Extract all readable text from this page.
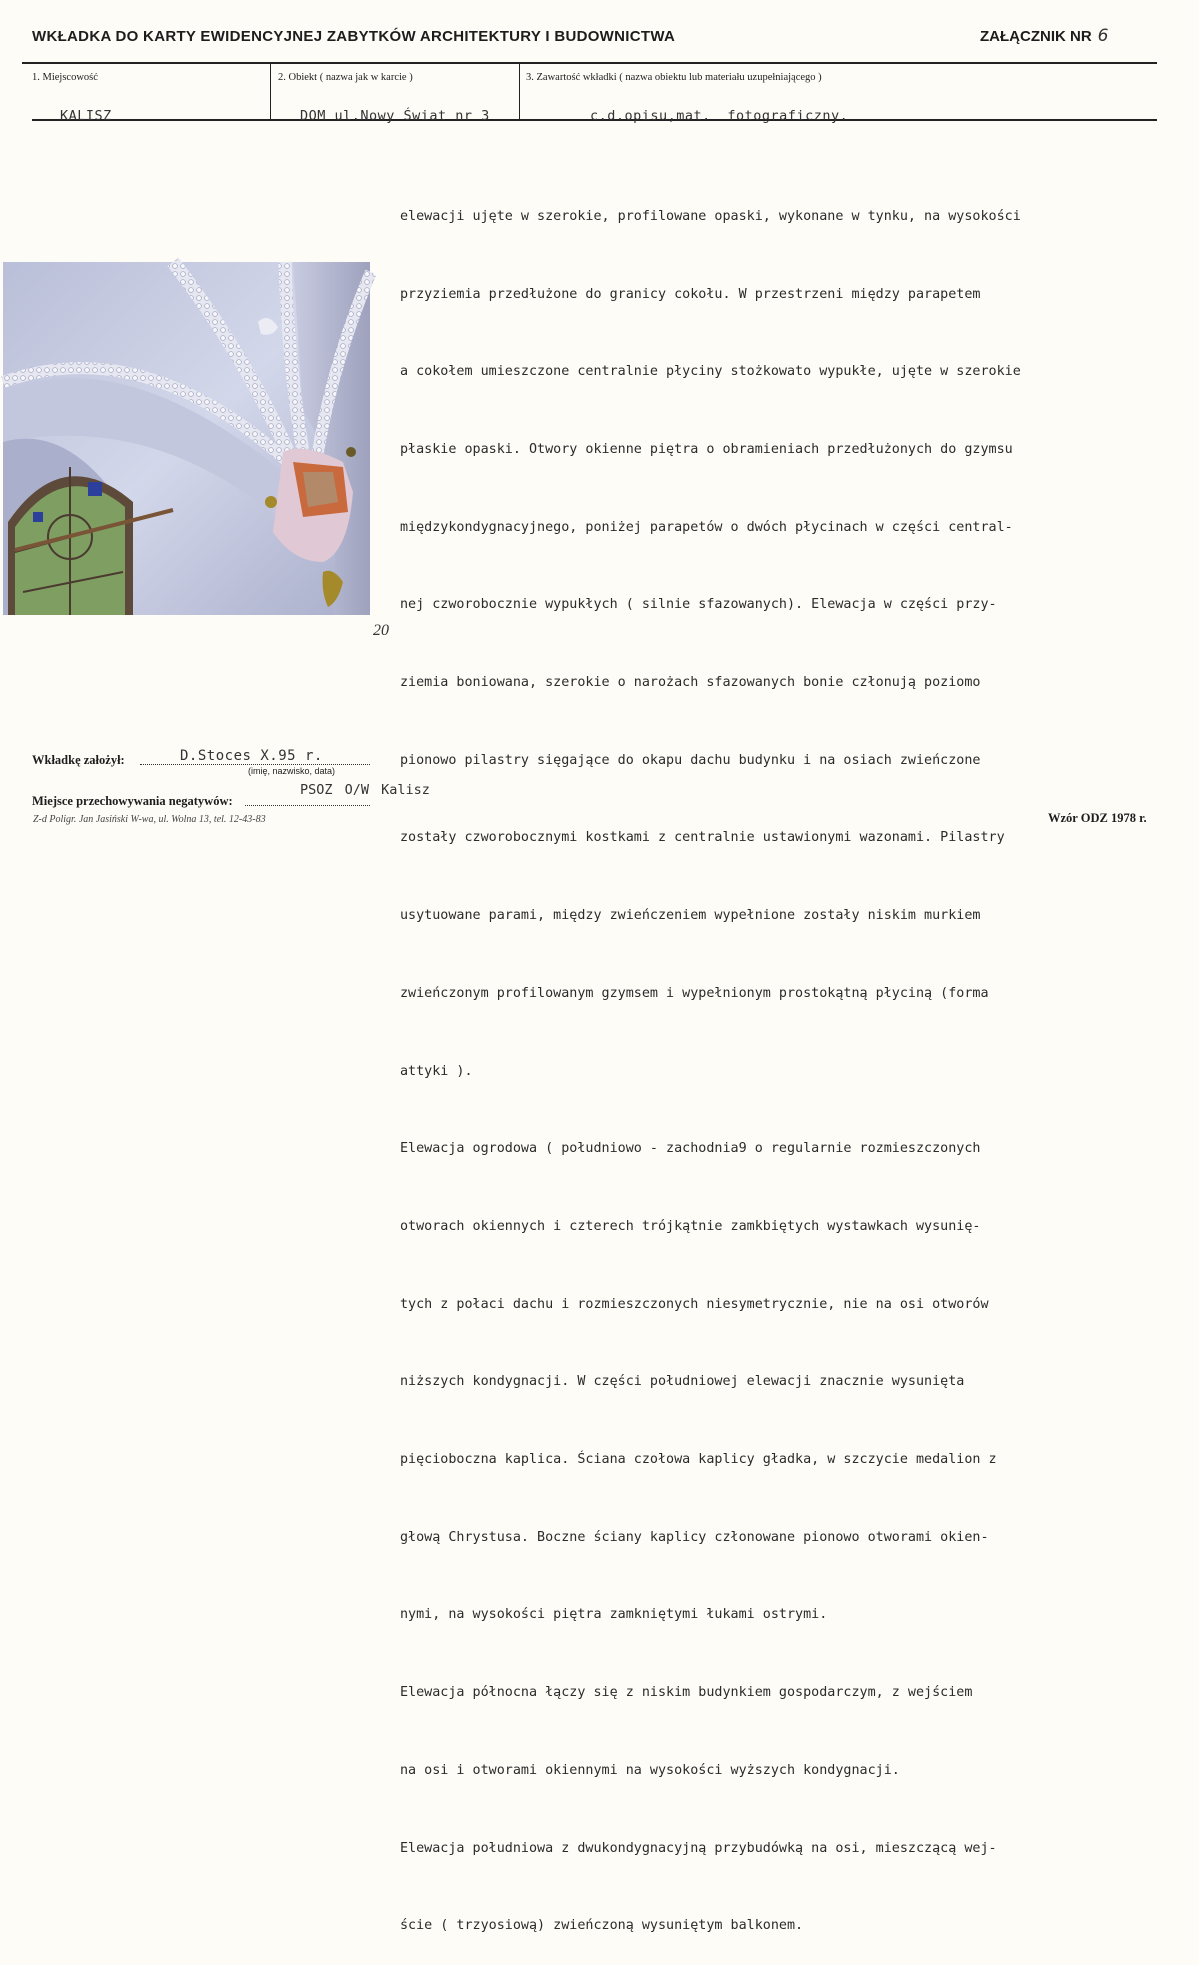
WKŁADKA DO KARTY EWIDENCYJNEJ ZABYTKÓW ARCHITEKTURY I BUDOWNICTWA	ZAŁĄCZNIK NR 6
1. Miejscowość	2. Obiekt ( nazwa jak w karcie )	3. Zawartość wkładki ( nazwa obiektu lub materiału uzupełniającego )
KALISZ	DOM ul.Nowy Świat nr 3	c.d.opisu,mat. fotograficzny.

elewacji ujęte w szerokie, profilowane opaski, wykonane w tynku, na wysokości

przyziemia przedłużone do granicy cokołu. W przestrzeni między parapetem

a cokołem umieszczone centralnie płyciny stożkowato wypukłe, ujęte w szerokie

płaskie opaski. Otwory okienne piętra o obramieniach przedłużonych do gzymsu

międzykondygnacyjnego, poniżej parapetów o dwóch płycinach w części central-

nej czworobocznie wypukłych ( silnie sfazowanych). Elewacja w części przy-

ziemia boniowana, szerokie o narożach sfazowanych bonie członują poziomo

pionowo pilastry sięgające do okapu dachu budynku i na osiach zwieńczone

zostały czworobocznymi kostkami z centralnie ustawionymi wazonami. Pilastry

usytuowane parami, między zwieńczeniem wypełnione zostały niskim murkiem

zwieńczonym profilowanym gzymsem i wypełnionym prostokątną płyciną (forma

attyki ).

Elewacja ogrodowa ( południowo - zachodnia9 o regularnie rozmieszczonych

otworach okiennych i czterech trójkątnie zamkbiętych wystawkach wysunię-

tych z połaci dachu i rozmieszczonych niesymetrycznie, nie na osi otworów

niższych kondygnacji. W części południowej elewacji znacznie wysunięta

pięcioboczna kaplica. Ściana czołowa kaplicy gładka, w szczycie medalion z

głową Chrystusa. Boczne ściany kaplicy członowane pionowo otworami okien-

nymi, na wysokości piętra zamkniętymi łukami ostrymi.

Elewacja północna łączy się z niskim budynkiem gospodarczym, z wejściem

na osi i otworami okiennymi na wysokości wyższych kondygnacji.

Elewacja południowa z dwukondygnacyjną przybudówką na osi, mieszczącą wej-

ście ( trzyosiową) zwieńczoną wysuniętym balkonem.

20
Wkładkę założył:	D.Stoces X.95 r.
(imię, nazwisko, data)
Miejsce przechowywania negatywów:
PSOZ O/W Kalisz
Z-d Poligr. Jan Jasiński W-wa, ul. Wolna 13, tel. 12-43-83	Wzór ODZ 1978 r.
